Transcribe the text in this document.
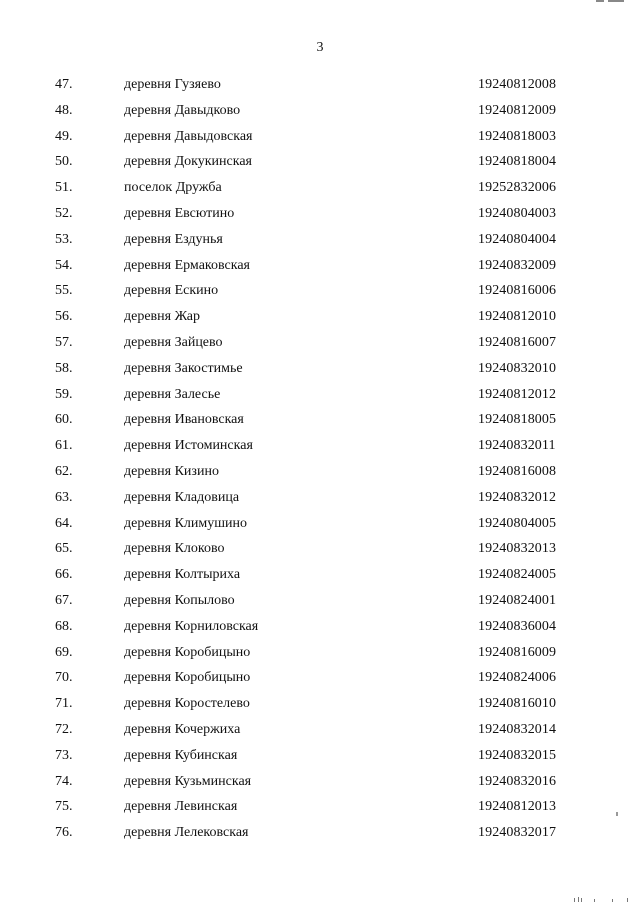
3
47.	деревня Гузяево	19240812008
48.	деревня Давыдково	19240812009
49.	деревня Давыдовская	19240818003
50.	деревня Докукинская	19240818004
51.	поселок Дружба	19252832006
52.	деревня Евсютино	19240804003
53.	деревня Ездунья	19240804004
54.	деревня Ермаковская	19240832009
55.	деревня Ескино	19240816006
56.	деревня Жар	19240812010
57.	деревня Зайцево	19240816007
58.	деревня Закостимье	19240832010
59.	деревня Залесье	19240812012
60.	деревня Ивановская	19240818005
61.	деревня Истоминская	19240832011
62.	деревня Кизино	19240816008
63.	деревня Кладовица	19240832012
64.	деревня Климушино	19240804005
65.	деревня Клоково	19240832013
66.	деревня Колтыриха	19240824005
67.	деревня Копылово	19240824001
68.	деревня Корниловская	19240836004
69.	деревня Коробицыно	19240816009
70.	деревня Коробицыно	19240824006
71.	деревня Коростелево	19240816010
72.	деревня Кочержиха	19240832014
73.	деревня Кубинская	19240832015
74.	деревня Кузьминская	19240832016
75.	деревня Левинская	19240812013
76.	деревня Лелековская	19240832017
